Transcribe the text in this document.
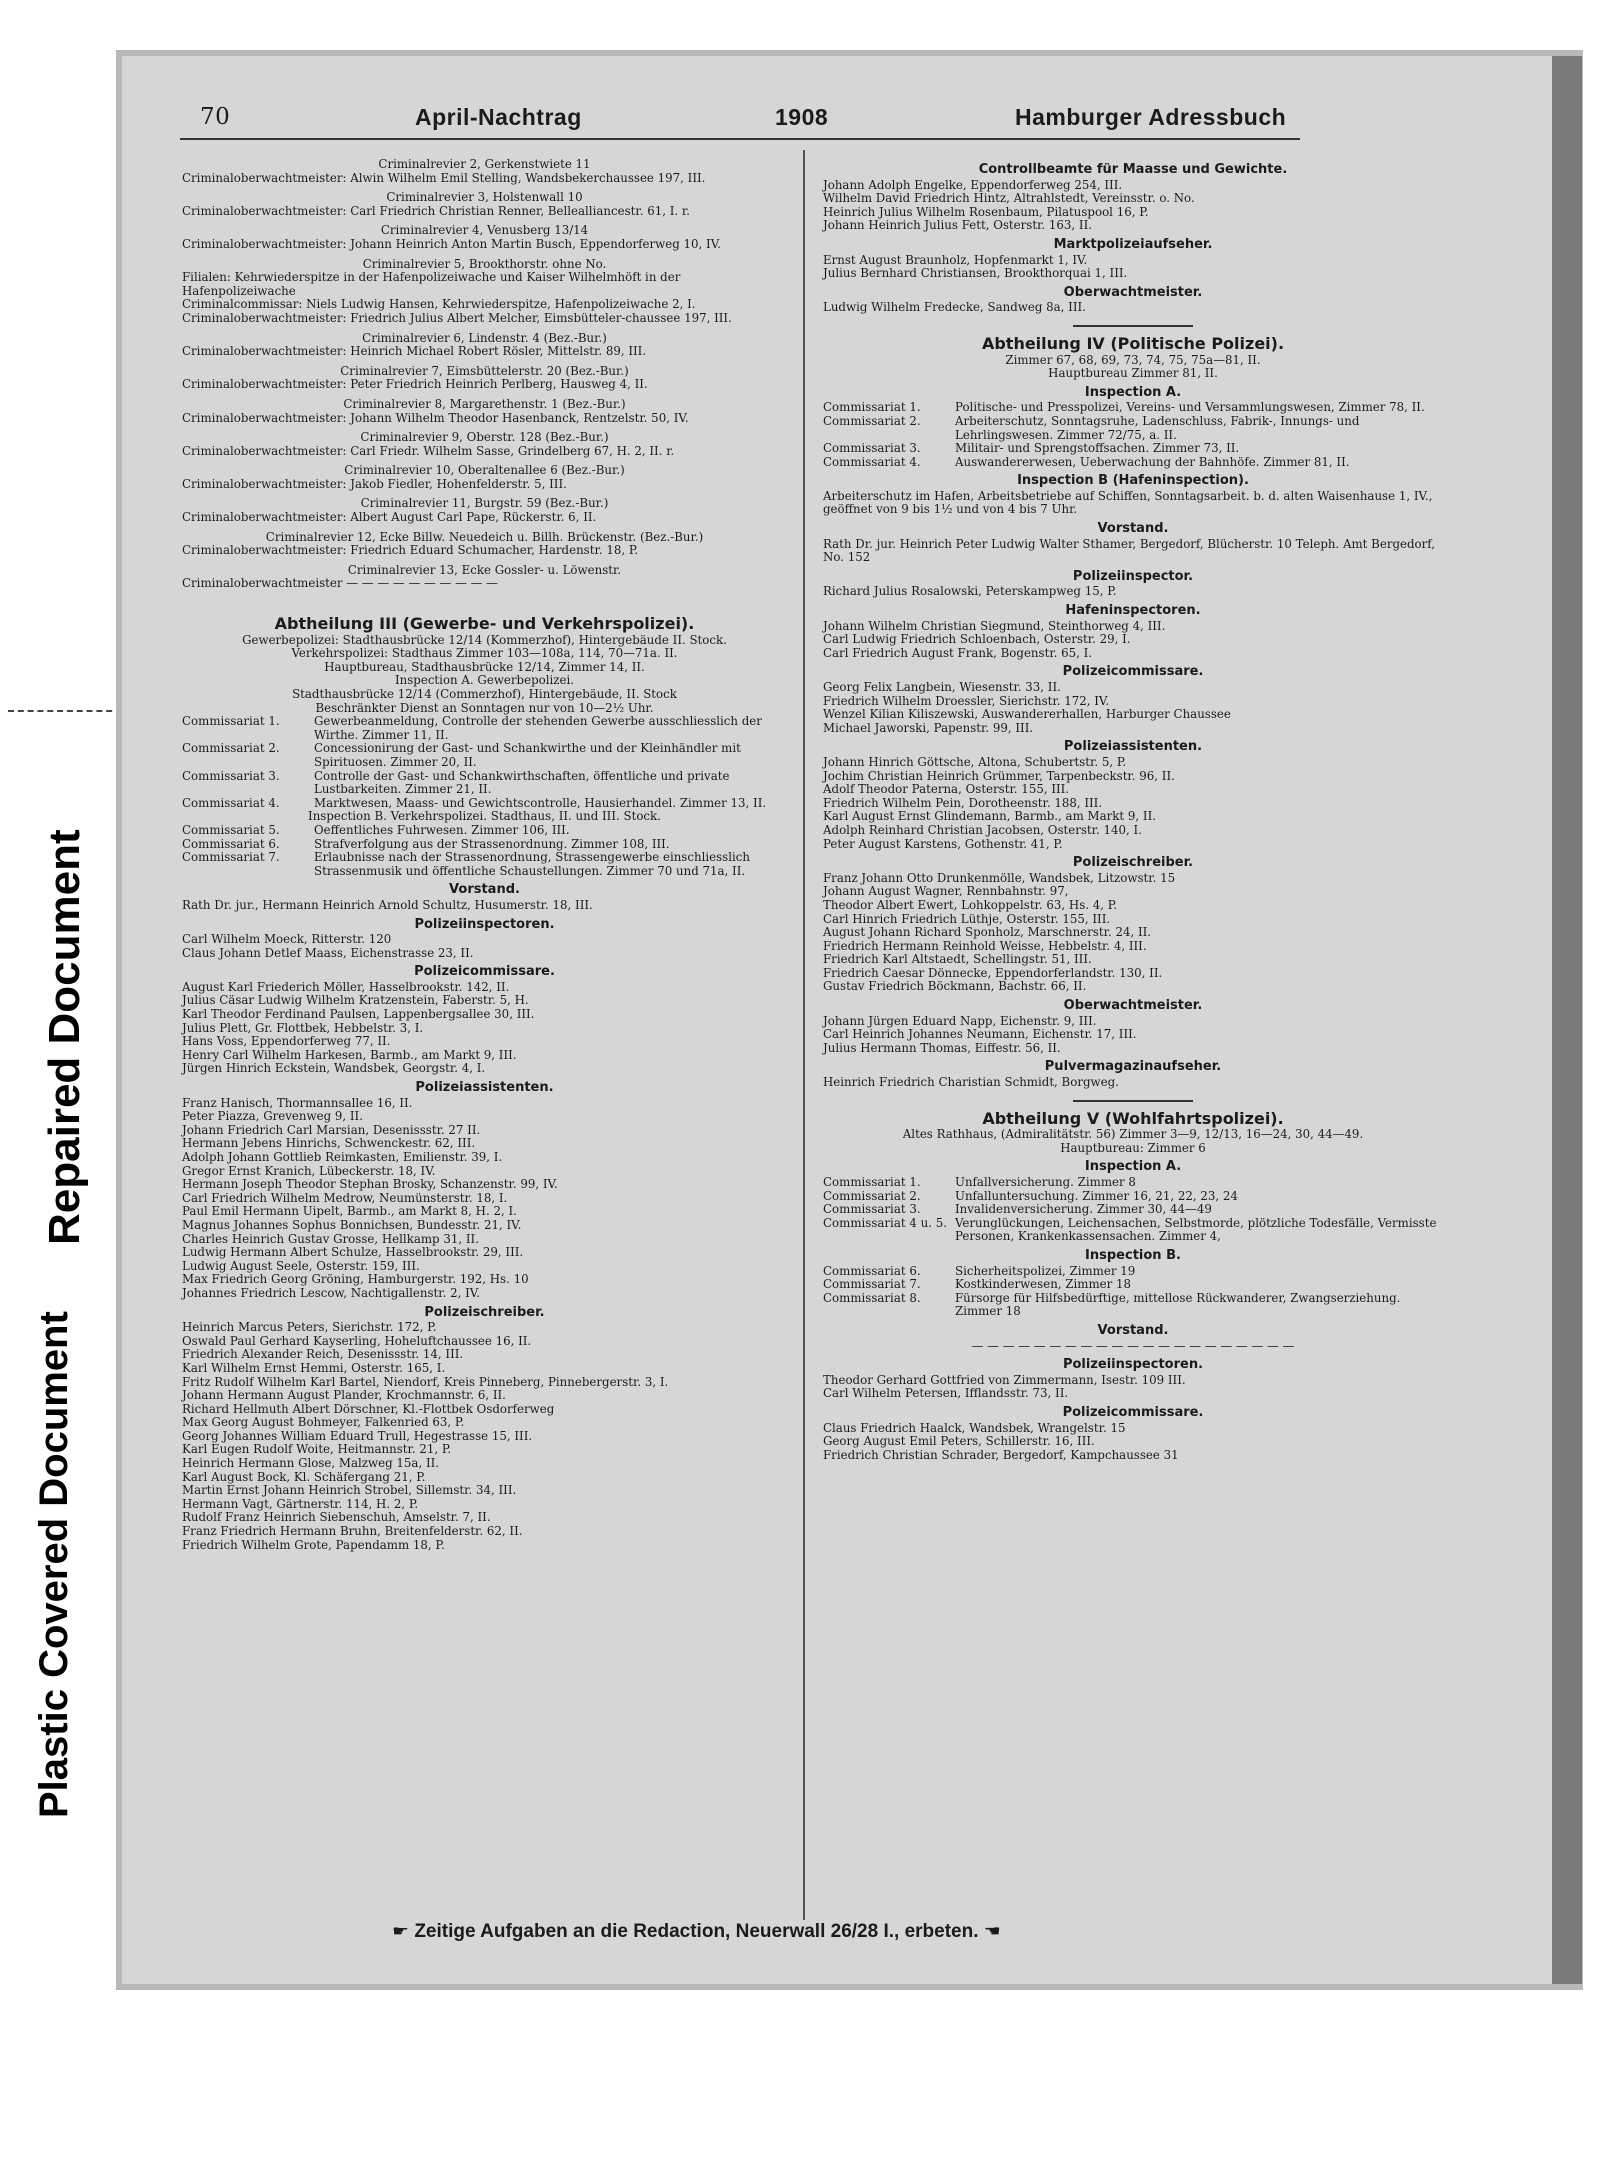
Plastic Covered Document
Repaired Document
70	April-Nachtrag	1908	Hamburger Adressbuch
Criminalrevier 2, Gerkenstwiete 11
Criminaloberwachtmeister: Alwin Wilhelm Emil Stelling, Wandsbekerchaussee 197, III.
Criminalrevier 3, Holstenwall 10
Criminaloberwachtmeister: Carl Friedrich Christian Renner, Bellealliancestr. 61, I. r.
Criminalrevier 4, Venusberg 13/14
Criminaloberwachtmeister: Johann Heinrich Anton Martin Busch, Eppendorferweg 10, IV.
Criminalrevier 5, Brookthorstr. ohne No.
Filialen: Kehrwiederspitze in der Hafenpolizeiwache und Kaiser Wilhelmhöft in der Hafenpolizeiwache
Criminalcommissar: Niels Ludwig Hansen, Kehrwiederspitze, Hafenpolizeiwache 2, I.
Criminaloberwachtmeister: Friedrich Julius Albert Melcher, Eimsbütteler-chaussee 197, III.
Criminalrevier 6, Lindenstr. 4 (Bez.-Bur.)
Criminaloberwachtmeister: Heinrich Michael Robert Rösler, Mittelstr. 89, III.
Criminalrevier 7, Eimsbüttelerstr. 20 (Bez.-Bur.)
Criminaloberwachtmeister: Peter Friedrich Heinrich Perlberg, Hausweg 4, II.
Criminalrevier 8, Margarethenstr. 1 (Bez.-Bur.)
Criminaloberwachtmeister: Johann Wilhelm Theodor Hasenbanck, Rentzelstr. 50, IV.
Criminalrevier 9, Oberstr. 128 (Bez.-Bur.)
Criminaloberwachtmeister: Carl Friedr. Wilhelm Sasse, Grindelberg 67, H. 2, II. r.
Criminalrevier 10, Oberaltenallee 6 (Bez.-Bur.)
Criminaloberwachtmeister: Jakob Fiedler, Hohenfelderstr. 5, III.
Criminalrevier 11, Burgstr. 59 (Bez.-Bur.)
Criminaloberwachtmeister: Albert August Carl Pape, Rückerstr. 6, II.
Criminalrevier 12, Ecke Billw. Neuedeich u. Billh. Brückenstr. (Bez.-Bur.)
Criminaloberwachtmeister: Friedrich Eduard Schumacher, Hardenstr. 18, P.
Criminalrevier 13, Ecke Gossler- u. Löwenstr.
Criminaloberwachtmeister — — — — — — — — — —
Abtheilung III (Gewerbe- und Verkehrspolizei).
Gewerbepolizei: Stadthausbrücke 12/14 (Kommerzhof), Hintergebäude II. Stock.
Verkehrspolizei: Stadthaus Zimmer 103—108a, 114, 70—71a. II.
Hauptbureau, Stadthausbrücke 12/14, Zimmer 14, II.
Inspection A. Gewerbepolizei.
Stadthausbrücke 12/14 (Commerzhof), Hintergebäude, II. Stock
Beschränkter Dienst an Sonntagen nur von 10—2½ Uhr.
Commissariat 1.	Gewerbeanmeldung, Controlle der stehenden Gewerbe ausschliesslich der Wirthe. Zimmer 11, II.
Commissariat 2.	Concessionirung der Gast- und Schankwirthe und der Kleinhändler mit Spirituosen. Zimmer 20, II.
Commissariat 3.	Controlle der Gast- und Schankwirthschaften, öffentliche und private Lustbarkeiten. Zimmer 21, II.
Commissariat 4.	Marktwesen, Maass- und Gewichtscontrolle, Hausierhandel. Zimmer 13, II.
Inspection B. Verkehrspolizei. Stadthaus, II. und III. Stock.
Commissariat 5.	Oeffentliches Fuhrwesen. Zimmer 106, III.
Commissariat 6.	Strafverfolgung aus der Strassenordnung. Zimmer 108, III.
Commissariat 7.	Erlaubnisse nach der Strassenordnung, Strassengewerbe einschliesslich Strassenmusik und öffentliche Schaustellungen. Zimmer 70 und 71a, II.
Vorstand.
Rath Dr. jur., Hermann Heinrich Arnold Schultz, Husumerstr. 18, III.
Polizeiinspectoren.
Carl Wilhelm Moeck, Ritterstr. 120
Claus Johann Detlef Maass, Eichenstrasse 23, II.
Polizeicommissare.
August Karl Friederich Möller, Hasselbrookstr. 142, II.
Julius Cäsar Ludwig Wilhelm Kratzenstein, Faberstr. 5, H.
Karl Theodor Ferdinand Paulsen, Lappenbergsallee 30, III.
Julius Plett, Gr. Flottbek, Hebbelstr. 3, I.
Hans Voss, Eppendorferweg 77, II.
Henry Carl Wilhelm Harkesen, Barmb., am Markt 9, III.
Jürgen Hinrich Eckstein, Wandsbek, Georgstr. 4, I.
Polizeiassistenten.
Franz Hanisch, Thormannsallee 16, II.
Peter Piazza, Grevenweg 9, II.
Johann Friedrich Carl Marsian, Desenissstr. 27 II.
Hermann Jebens Hinrichs, Schwenckestr. 62, III.
Adolph Johann Gottlieb Reimkasten, Emilienstr. 39, I.
Gregor Ernst Kranich, Lübeckerstr. 18, IV.
Hermann Joseph Theodor Stephan Brosky, Schanzenstr. 99, IV.
Carl Friedrich Wilhelm Medrow, Neumünsterstr. 18, I.
Paul Emil Hermann Uipelt, Barmb., am Markt 8, H. 2, I.
Magnus Johannes Sophus Bonnichsen, Bundesstr. 21, IV.
Charles Heinrich Gustav Grosse, Hellkamp 31, II.
Ludwig Hermann Albert Schulze, Hasselbrookstr. 29, III.
Ludwig August Seele, Osterstr. 159, III.
Max Friedrich Georg Gröning, Hamburgerstr. 192, Hs. 10
Johannes Friedrich Lescow, Nachtigallenstr. 2, IV.
Polizeischreiber.
Heinrich Marcus Peters, Sierichstr. 172, P.
Oswald Paul Gerhard Kayserling, Hoheluftchaussee 16, II.
Friedrich Alexander Reich, Desenissstr. 14, III.
Karl Wilhelm Ernst Hemmi, Osterstr. 165, I.
Fritz Rudolf Wilhelm Karl Bartel, Niendorf, Kreis Pinneberg, Pinnebergerstr. 3, I.
Johann Hermann August Plander, Krochmannstr. 6, II.
Richard Hellmuth Albert Dörschner, Kl.-Flottbek Osdorferweg
Max Georg August Bohmeyer, Falkenried 63, P.
Georg Johannes William Eduard Trull, Hegestrasse 15, III.
Karl Eugen Rudolf Woite, Heitmannstr. 21, P.
Heinrich Hermann Glose, Malzweg 15a, II.
Karl August Bock, Kl. Schäfergang 21, P.
Martin Ernst Johann Heinrich Strobel, Sillemstr. 34, III.
Hermann Vagt, Gärtnerstr. 114, H. 2, P.
Rudolf Franz Heinrich Siebenschuh, Amselstr. 7, II.
Franz Friedrich Hermann Bruhn, Breitenfelderstr. 62, II.
Friedrich Wilhelm Grote, Papendamm 18, P.
Controllbeamte für Maasse und Gewichte.
Johann Adolph Engelke, Eppendorferweg 254, III.
Wilhelm David Friedrich Hintz, Altrahlstedt, Vereinsstr. o. No.
Heinrich Julius Wilhelm Rosenbaum, Pilatuspool 16, P.
Johann Heinrich Julius Fett, Osterstr. 163, II.
Marktpolizeiaufseher.
Ernst August Braunholz, Hopfenmarkt 1, IV.
Julius Bernhard Christiansen, Brookthorquai 1, III.
Oberwachtmeister.
Ludwig Wilhelm Fredecke, Sandweg 8a, III.
Abtheilung IV (Politische Polizei).
Zimmer 67, 68, 69, 73, 74, 75, 75a—81, II.
Hauptbureau Zimmer 81, II.
Inspection A.
Commissariat 1.	Politische- und Presspolizei, Vereins- und Versammlungswesen, Zimmer 78, II.
Commissariat 2.	Arbeiterschutz, Sonntagsruhe, Ladenschluss, Fabrik-, Innungs- und Lehrlingswesen. Zimmer 72/75, a. II.
Commissariat 3.	Militair- und Sprengstoffsachen. Zimmer 73, II.
Commissariat 4.	Auswandererwesen, Ueberwachung der Bahnhöfe. Zimmer 81, II.
Inspection B (Hafeninspection).
Arbeiterschutz im Hafen, Arbeitsbetriebe auf Schiffen, Sonntagsarbeit. b. d. alten Waisenhause 1, IV., geöffnet von 9 bis 1½ und von 4 bis 7 Uhr.
Vorstand.
Rath Dr. jur. Heinrich Peter Ludwig Walter Sthamer, Bergedorf, Blücherstr. 10 Teleph. Amt Bergedorf, No. 152
Polizeiinspector.
Richard Julius Rosalowski, Peterskampweg 15, P.
Hafeninspectoren.
Johann Wilhelm Christian Siegmund, Steinthorweg 4, III.
Carl Ludwig Friedrich Schloenbach, Osterstr. 29, I.
Carl Friedrich August Frank, Bogenstr. 65, I.
Polizeicommissare.
Georg Felix Langbein, Wiesenstr. 33, II.
Friedrich Wilhelm Droessler, Sierichstr. 172, IV.
Wenzel Kilian Kiliszewski, Auswandererhallen, Harburger Chaussee
Michael Jaworski, Papenstr. 99, III.
Polizeiassistenten.
Johann Hinrich Göttsche, Altona, Schubertstr. 5, P.
Jochim Christian Heinrich Grümmer, Tarpenbeckstr. 96, II.
Adolf Theodor Paterna, Osterstr. 155, III.
Friedrich Wilhelm Pein, Dorotheenstr. 188, III.
Karl August Ernst Glindemann, Barmb., am Markt 9, II.
Adolph Reinhard Christian Jacobsen, Osterstr. 140, I.
Peter August Karstens, Gothenstr. 41, P.
Polizeischreiber.
Franz Johann Otto Drunkenmölle, Wandsbek, Litzowstr. 15
Johann August Wagner, Rennbahnstr. 97,
Theodor Albert Ewert, Lohkoppelstr. 63, Hs. 4, P.
Carl Hinrich Friedrich Lüthje, Osterstr. 155, III.
August Johann Richard Sponholz, Marschnerstr. 24, II.
Friedrich Hermann Reinhold Weisse, Hebbelstr. 4, III.
Friedrich Karl Altstaedt, Schellingstr. 51, III.
Friedrich Caesar Dönnecke, Eppendorferlandstr. 130, II.
Gustav Friedrich Böckmann, Bachstr. 66, II.
Oberwachtmeister.
Johann Jürgen Eduard Napp, Eichenstr. 9, III.
Carl Heinrich Johannes Neumann, Eichenstr. 17, III.
Julius Hermann Thomas, Eiffestr. 56, II.
Pulvermagazinaufseher.
Heinrich Friedrich Charistian Schmidt, Borgweg.
Abtheilung V (Wohlfahrtspolizei).
Altes Rathhaus, (Admiralitätstr. 56) Zimmer 3—9, 12/13, 16—24, 30, 44—49.
Hauptbureau: Zimmer 6
Inspection A.
Commissariat 1.	Unfallversicherung. Zimmer 8
Commissariat 2.	Unfalluntersuchung. Zimmer 16, 21, 22, 23, 24
Commissariat 3.	Invalidenversicherung. Zimmer 30, 44—49
Commissariat 4 u. 5. Verunglückungen, Leichensachen, Selbstmorde, plötzliche Todesfälle, Vermisste Personen, Krankenkassensachen. Zimmer 4,
Inspection B.
Commissariat 6.	Sicherheitspolizei, Zimmer 19
Commissariat 7.	Kostkinderwesen, Zimmer 18
Commissariat 8.	Fürsorge für Hilfsbedürftige, mittellose Rückwanderer, Zwangserziehung. Zimmer 18
Vorstand.
— — — — — — — — — — — — — — — — — — — — —
Polizeiinspectoren.
Theodor Gerhard Gottfried von Zimmermann, Isestr. 109 III.
Carl Wilhelm Petersen, Ifflandsstr. 73, II.
Polizeicommissare.
Claus Friedrich Haalck, Wandsbek, Wrangelstr. 15
Georg August Emil Peters, Schillerstr. 16, III.
Friedrich Christian Schrader, Bergedorf, Kampchaussee 31
☛ Zeitige Aufgaben an die Redaction, Neuerwall 26/28 I., erbeten. ☚
